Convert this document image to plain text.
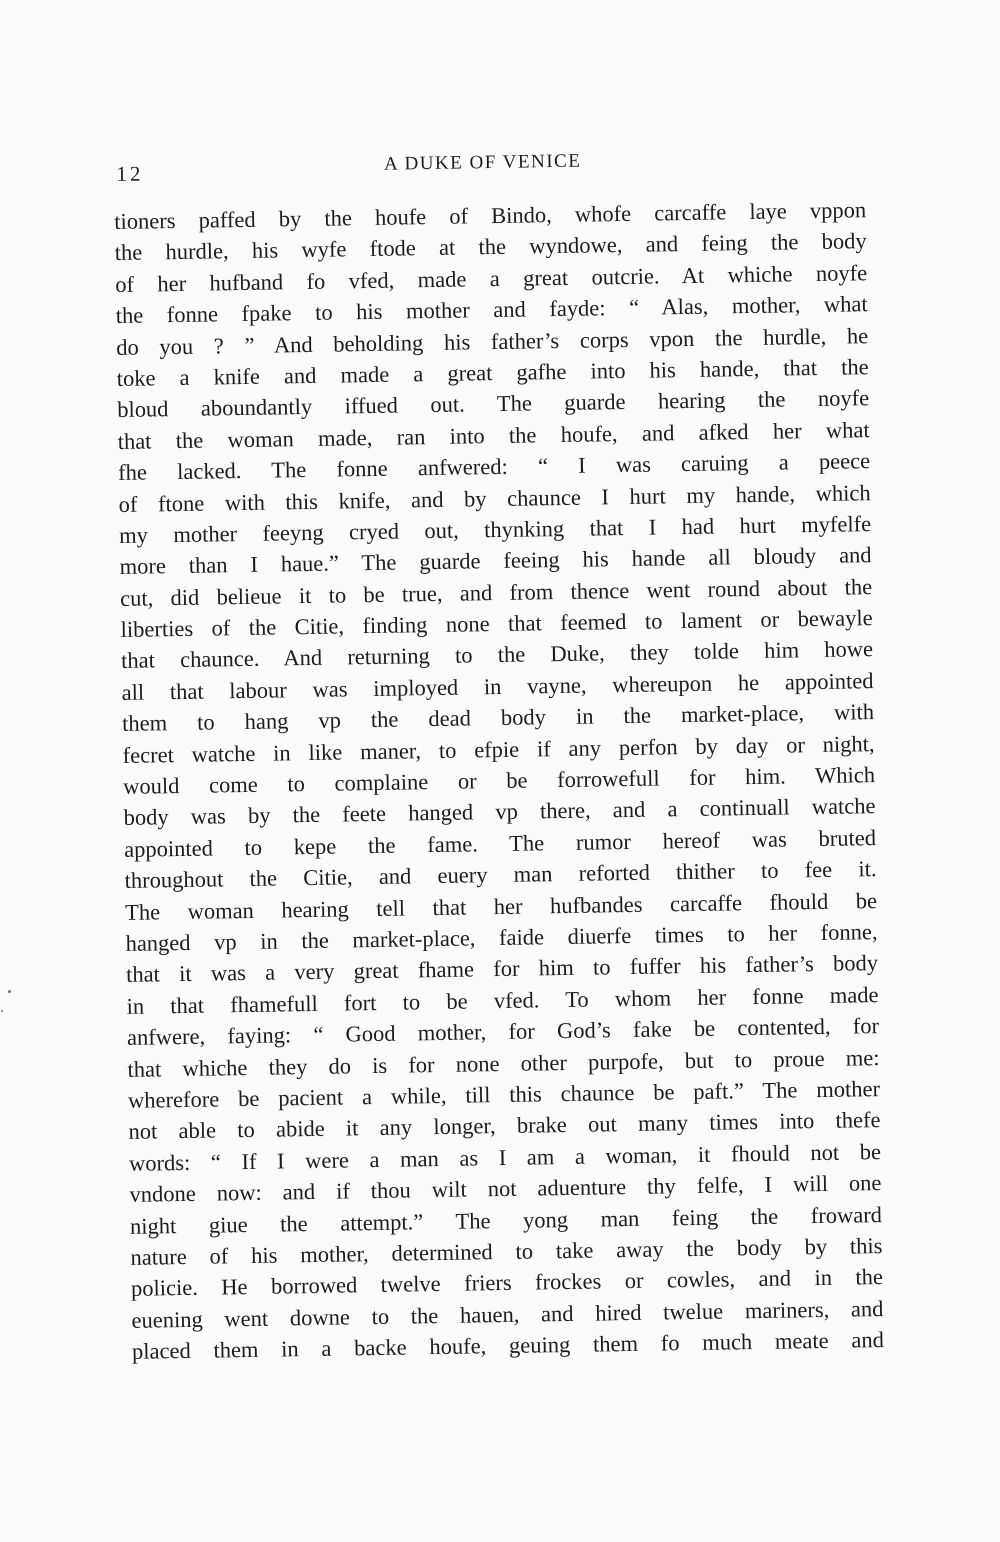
12	A DUKE OF VENICE
tioners paffed by the houfe of Bindo, whofe carcaffe laye vppon
the hurdle, his wyfe ftode at the wyndowe, and feing the body
of her hufband fo vfed, made a great outcrie. At whiche noyfe
the fonne fpake to his mother and fayde: “ Alas, mother, what
do you ? ” And beholding his father’s corps vpon the hurdle, he
toke a knife and made a great gafhe into his hande, that the
bloud aboundantly iffued out. The guarde hearing the noyfe
that the woman made, ran into the houfe, and afked her what
fhe lacked. The fonne anfwered: “ I was caruing a peece
of ftone with this knife, and by chaunce I hurt my hande, which
my mother feeyng cryed out, thynking that I had hurt myfelfe
more than I haue.” The guarde feeing his hande all bloudy and
cut, did belieue it to be true, and from thence went round about the
liberties of the Citie, finding none that feemed to lament or bewayle
that chaunce. And returning to the Duke, they tolde him howe
all that labour was imployed in vayne, whereupon he appointed
them to hang vp the dead body in the market-place, with
fecret watche in like maner, to efpie if any perfon by day or night,
would come to complaine or be forrowefull for him. Which
body was by the feete hanged vp there, and a continuall watche
appointed to kepe the fame. The rumor hereof was bruted
throughout the Citie, and euery man reforted thither to fee it.
The woman hearing tell that her hufbandes carcaffe fhould be
hanged vp in the market-place, faide diuerfe times to her fonne,
that it was a very great fhame for him to fuffer his father’s body
in that fhamefull fort to be vfed. To whom her fonne made
anfwere, faying: “ Good mother, for God’s fake be contented, for
that whiche they do is for none other purpofe, but to proue me:
wherefore be pacient a while, till this chaunce be paft.” The mother
not able to abide it any longer, brake out many times into thefe
words: “ If I were a man as I am a woman, it fhould not be
vndone now: and if thou wilt not aduenture thy felfe, I will one
night giue the attempt.” The yong man feing the froward
nature of his mother, determined to take away the body by this
policie. He borrowed twelve friers frockes or cowles, and in the
euening went downe to the hauen, and hired twelue mariners, and
placed them in a backe houfe, geuing them fo much meate and
